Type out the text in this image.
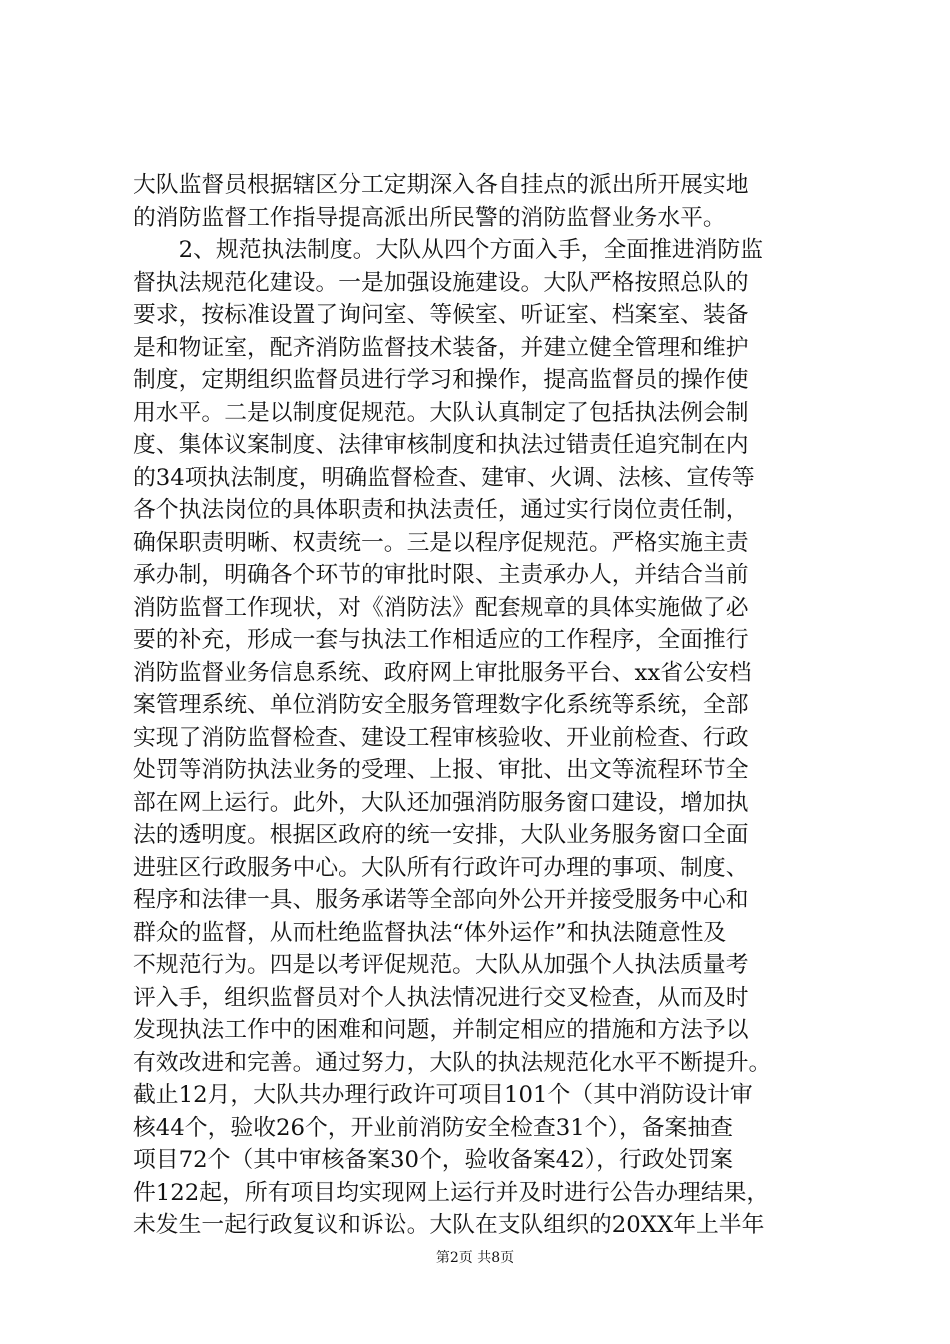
大队监督员根据辖区分工定期深入各自挂点的派出所开展实地
的消防监督工作指导提高派出所民警的消防监督业务水平。
　　2、规范执法制度。大队从四个方面入手，全面推进消防监
督执法规范化建设。一是加强设施建设。大队严格按照总队的
要求，按标准设置了询问室、等候室、听证室、档案室、装备
是和物证室，配齐消防监督技术装备，并建立健全管理和维护
制度，定期组织监督员进行学习和操作，提高监督员的操作使
用水平。二是以制度促规范。大队认真制定了包括执法例会制
度、集体议案制度、法律审核制度和执法过错责任追究制在内
的34项执法制度，明确监督检查、建审、火调、法核、宣传等
各个执法岗位的具体职责和执法责任，通过实行岗位责任制，
确保职责明晰、权责统一。三是以程序促规范。严格实施主责
承办制，明确各个环节的审批时限、主责承办人，并结合当前
消防监督工作现状，对《消防法》配套规章的具体实施做了必
要的补充，形成一套与执法工作相适应的工作程序，全面推行
消防监督业务信息系统、政府网上审批服务平台、xx省公安档
案管理系统、单位消防安全服务管理数字化系统等系统，全部
实现了消防监督检查、建设工程审核验收、开业前检查、行政
处罚等消防执法业务的受理、上报、审批、出文等流程环节全
部在网上运行。此外，大队还加强消防服务窗口建设，增加执
法的透明度。根据区政府的统一安排，大队业务服务窗口全面
进驻区行政服务中心。大队所有行政许可办理的事项、制度、
程序和法律一具、服务承诺等全部向外公开并接受服务中心和
群众的监督，从而杜绝监督执法“体外运作”和执法随意性及
不规范行为。四是以考评促规范。大队从加强个人执法质量考
评入手，组织监督员对个人执法情况进行交叉检查，从而及时
发现执法工作中的困难和问题，并制定相应的措施和方法予以
有效改进和完善。通过努力，大队的执法规范化水平不断提升。
截止12月，大队共办理行政许可项目101个（其中消防设计审
核44个，验收26个，开业前消防安全检查31个），备案抽查
项目72个（其中审核备案30个，验收备案42），行政处罚案
件122起，所有项目均实现网上运行并及时进行公告办理结果，
未发生一起行政复议和诉讼。大队在支队组织的20XX年上半年
第2页 共8页
